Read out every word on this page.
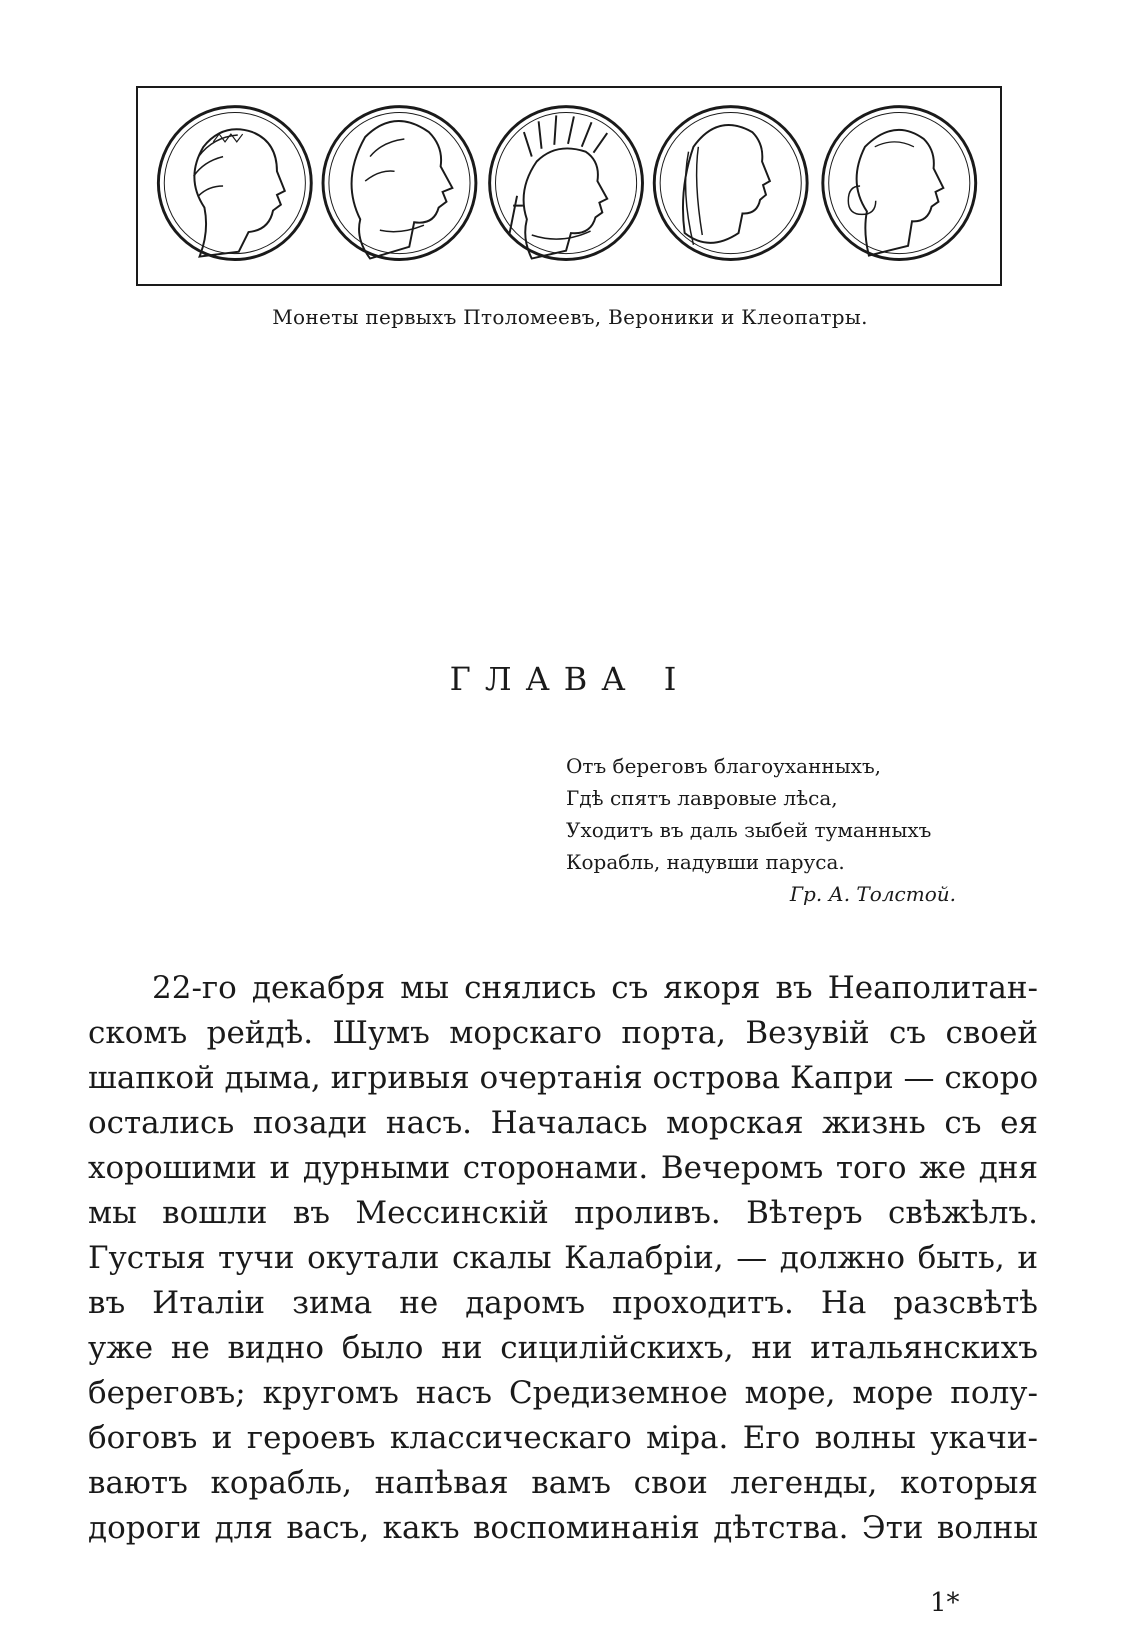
Монеты первыхъ Птоломеевъ, Вероники и Клеопатры.
ГЛАВА I
Отъ береговъ благоуханныхъ,
Гдѣ спятъ лавровые лѣса,
Уходитъ въ даль зыбей туманныхъ
Корабль, надувши паруса.
Гр. А. Толстой.
22-го декабря мы снялись съ якоря въ Неаполитан-
скомъ рейдѣ. Шумъ морскаго порта, Везувій съ своей
шапкой дыма, игривыя очертанія острова Капри — скоро
остались позади насъ. Началась морская жизнь съ ея
хорошими и дурными сторонами. Вечеромъ того же дня
мы вошли въ Мессинскій проливъ. Вѣтеръ свѣжѣлъ.
Густыя тучи окутали скалы Калабріи, — должно быть, и
въ Италіи зима не даромъ проходитъ. На разсвѣтѣ
уже не видно было ни сицилійскихъ, ни итальянскихъ
береговъ; кругомъ насъ Средиземное море, море полу-
боговъ и героевъ классическаго міра. Его волны укачи-
ваютъ корабль, напѣвая вамъ свои легенды, которыя
дороги для васъ, какъ воспоминанія дѣтства. Эти волны
1*
